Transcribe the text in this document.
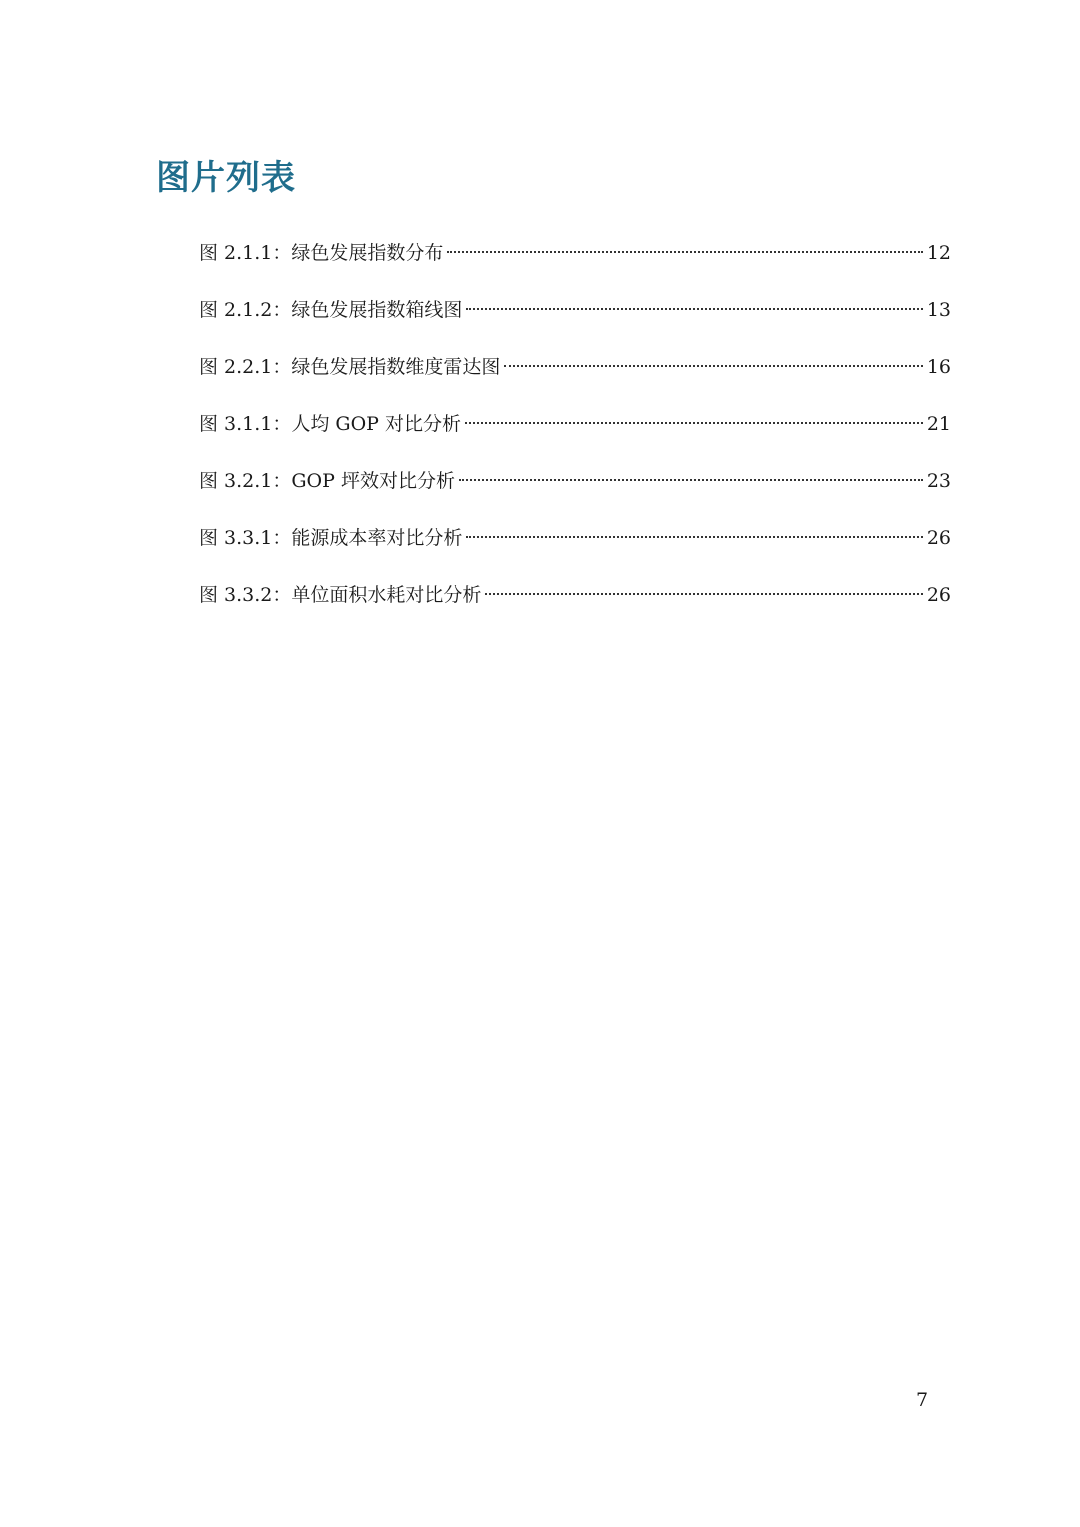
图片列表
图 2.1.1：绿色发展指数分布	12
图 2.1.2：绿色发展指数箱线图	13
图 2.2.1：绿色发展指数维度雷达图	16
图 3.1.1：人均 GOP 对比分析	21
图 3.2.1：GOP 坪效对比分析	23
图 3.3.1：能源成本率对比分析	26
图 3.3.2：单位面积水耗对比分析	26
7
